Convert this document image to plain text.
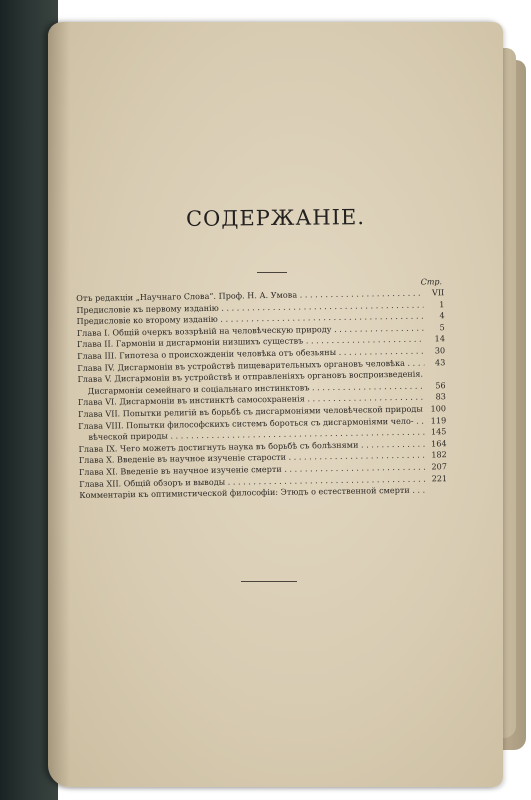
СОДЕРЖАНІЕ.
Стр.
Отъ редакціи „Научнаго Слова“. Проф. Н. А. Умова . . .	VII
Предисловіе къ первому изданію . . .	1
Предисловіе ко второму изданію . . .	4
Глава I. Общій очеркъ воззрѣній на человѣческую природу . . .	5
Глава II. Гармоніи и дисгармоніи низшихъ существъ . . .	14
Глава III. Гипотеза о происхожденіи человѣка отъ обезьяны . . .	30
Глава IV. Дисгармоніи въ устройствѣ пищеварительныхъ органовъ человѣка . . .	43
Глава V. Дисгармоніи въ устройствѣ и отправленіяхъ органовъ воспроизведенія. . . .
Дисгармоніи семейнаго и соціальнаго инстинктовъ . . .	56
Глава VI. Дисгармоніи въ инстинктѣ самосохраненія . . .	83
Глава VII. Попытки религій въ борьбѣ съ дисгармоніями человѣческой природы . . . 100
Глава VIII. Попытки философскихъ системъ бороться съ дисгармоніями чело- . . .	119
вѣческой природы . . .	145
Глава IX. Чего можетъ достигнуть наука въ борьбѣ съ болѣзнями . . .	164
Глава X. Введеніе въ научное изученіе старости . . .	182
Глава XI. Введеніе въ научное изученіе смерти . . .	207
Глава XII. Общій обзоръ и выводы . . .	221
Комментаріи къ оптимистической философіи: Этюдъ о естественной смерти . . .
